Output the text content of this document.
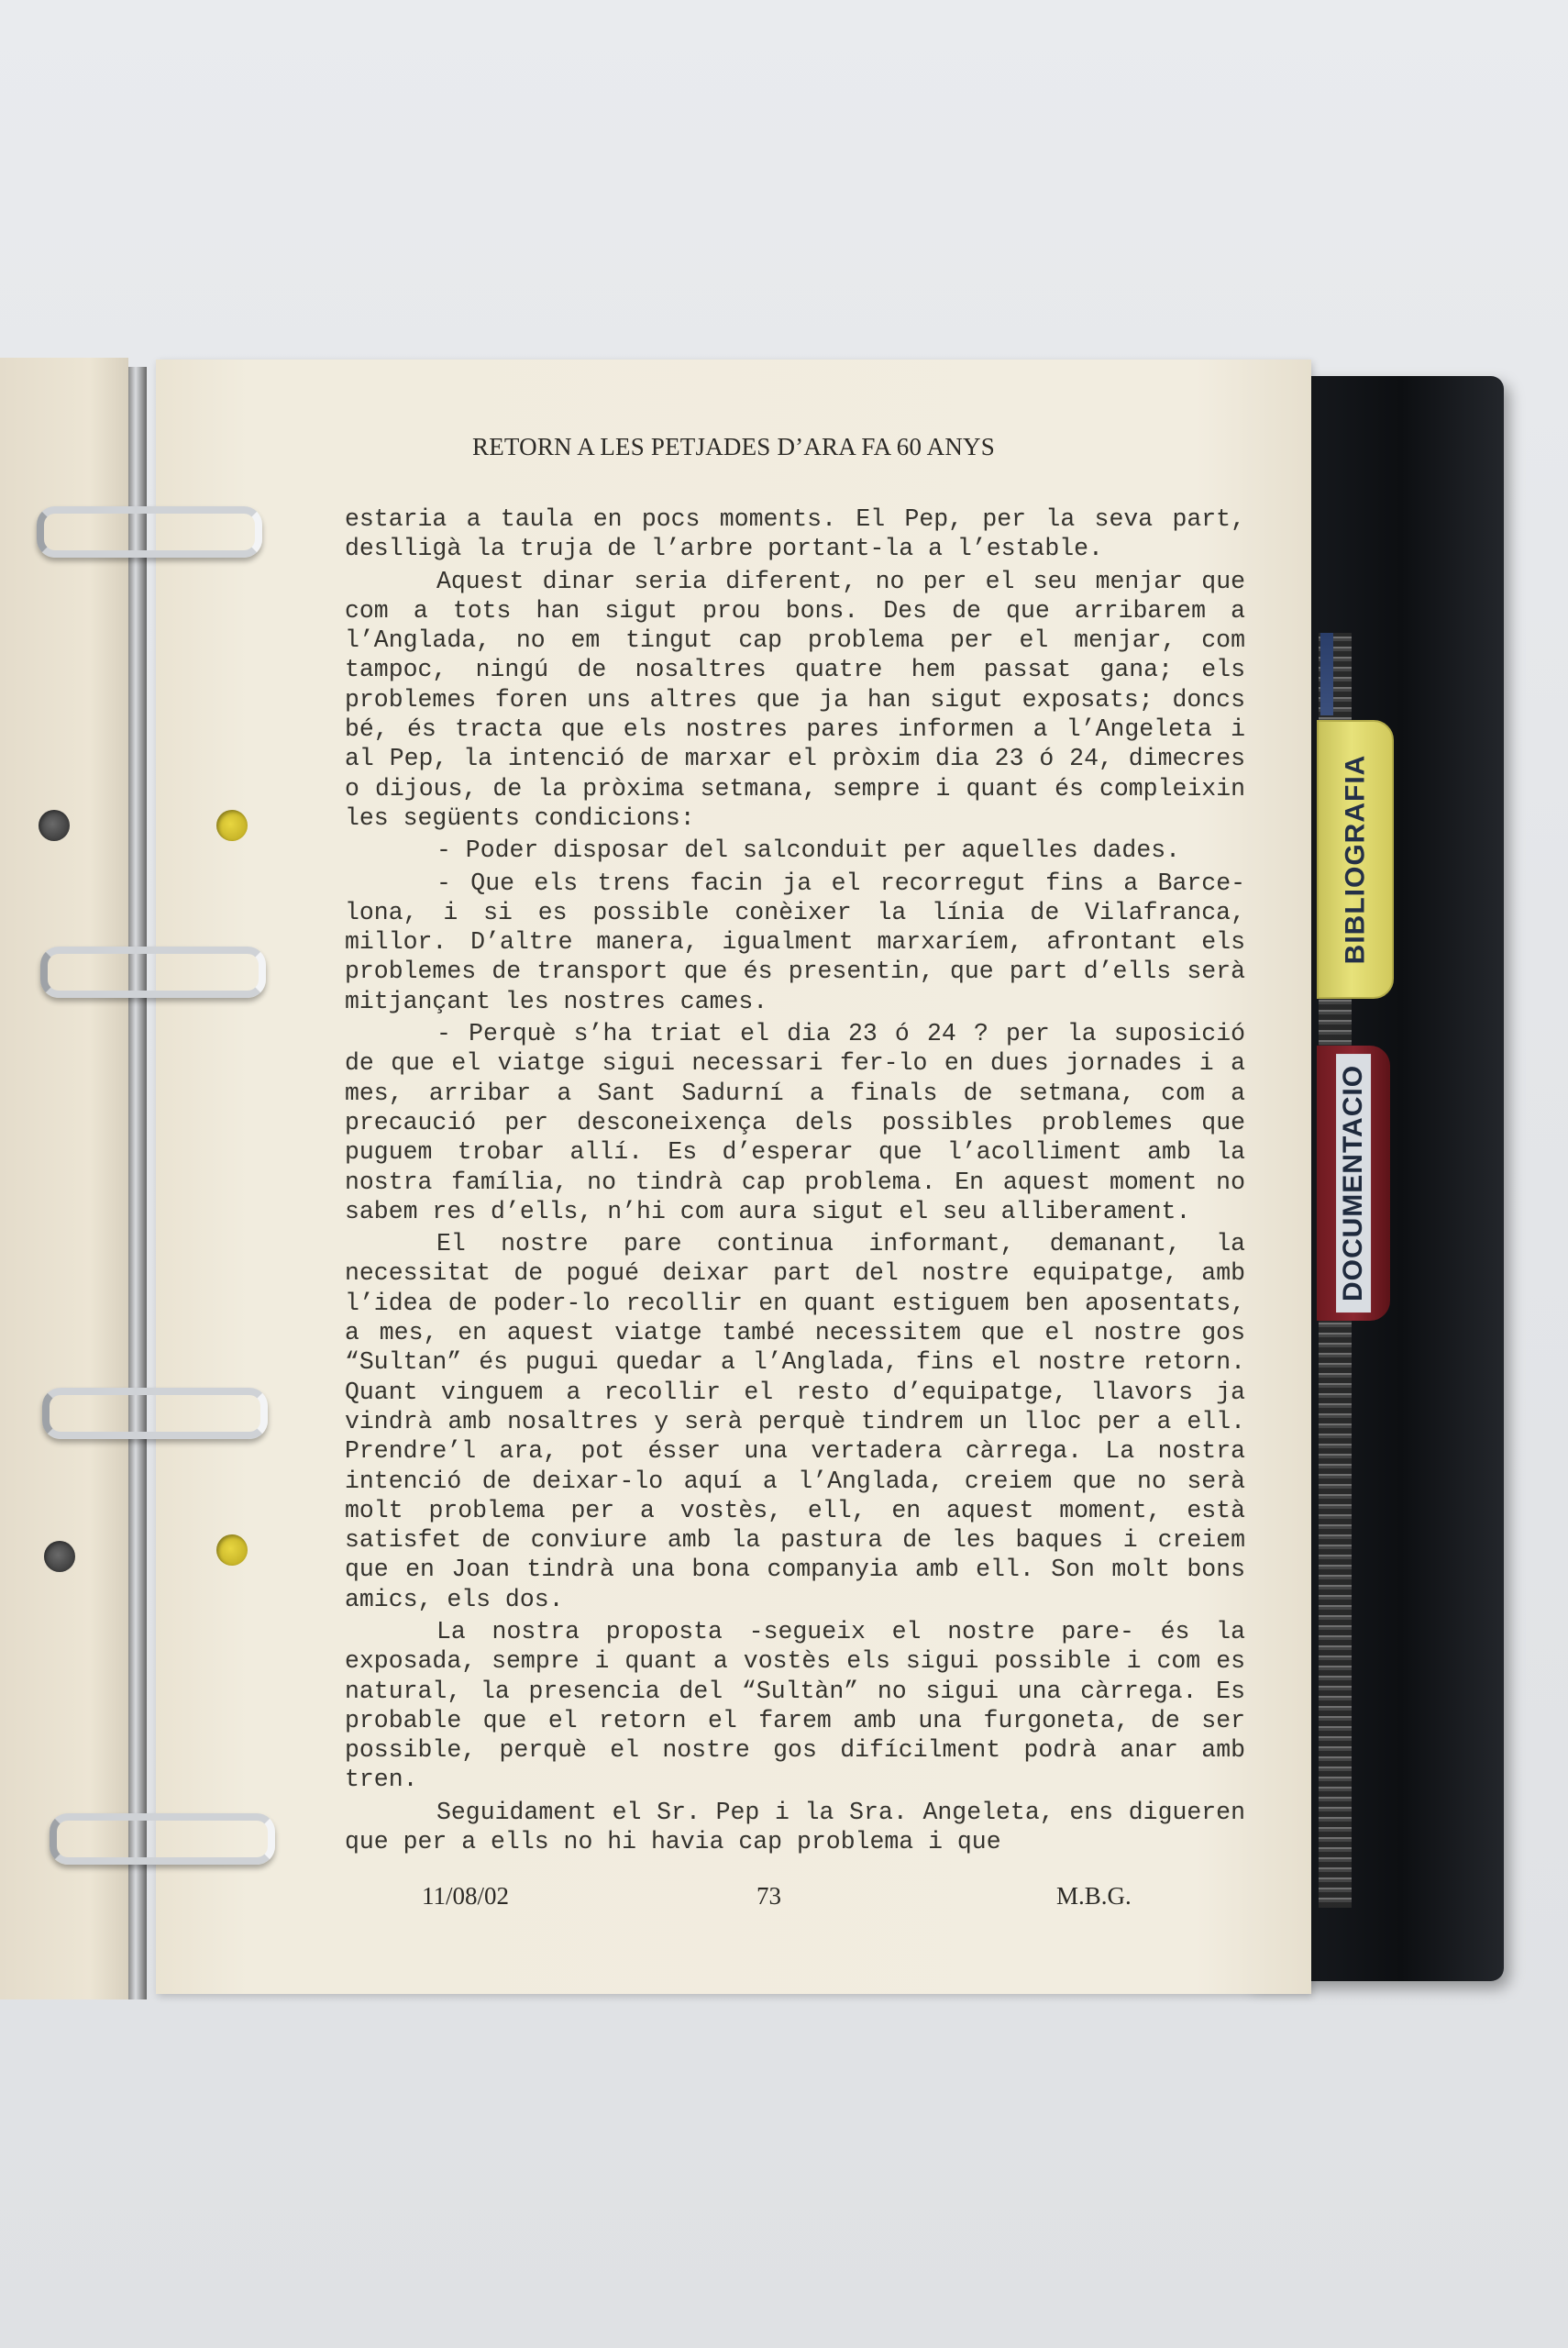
BIBLIOGRAFIA
DOCUMENTACIO
RETORN A LES PETJADES D’ARA FA 60 ANYS

estaria a taula en pocs moments. El Pep, per la seva part, deslligà la truja de l’arbre portant-la a l’estable.

Aquest dinar seria diferent, no per el seu menjar que com a tots han sigut prou bons. Des de que arribarem a l’Anglada, no em tingut cap problema per el menjar, com tampoc, ningú de nosaltres quatre hem passat gana; els problemes foren uns altres que ja han sigut exposats; doncs bé, és tracta que els nostres pares informen a l’Angeleta i al Pep, la intenció de marxar el pròxim dia 23 ó 24, dimecres o dijous, de la pròxima setmana, sempre i quant és compleixin les següents condicions:

- Poder disposar del salconduit per aquelles dades.

- Que els trens facin ja el recorregut fins a Barce- lona, i si es possible conèixer la línia de Vilafranca, millor. D’altre manera, igualment marxaríem, afrontant els problemes de transport que és presentin, que part d’ells serà mitjançant les nostres cames.

- Perquè s’ha triat el dia 23 ó 24 ? per la suposició de que el viatge sigui necessari fer-lo en dues jornades i a mes, arribar a Sant Sadurní a finals de setmana, com a precaució per desconeixença dels possibles problemes que puguem trobar allí. Es d’esperar que l’acolliment amb la nostra família, no tindrà cap problema. En aquest moment no sabem res d’ells, n’hi com aura sigut el seu alliberament.

El nostre pare continua informant, demanant, la necessitat de pogué deixar part del nostre equipatge, amb l’idea de poder-lo recollir en quant estiguem ben aposentats, a mes, en aquest viatge també necessitem que el nostre gos “Sultan” és pugui quedar a l’Anglada, fins el nostre retorn. Quant vinguem a recollir el resto d’equipatge, llavors ja vindrà amb nosaltres y serà perquè tindrem un lloc per a ell. Prendre’l ara, pot ésser una vertadera càrrega. La nostra intenció de deixar-lo aquí a l’Anglada, creiem que no serà molt problema per a vostès, ell, en aquest moment, està satisfet de conviure amb la pastura de les baques i creiem que en Joan tindrà una bona companyia amb ell. Son molt bons amics, els dos.

La nostra proposta -segueix el nostre pare- és la exposada, sempre i quant a vostès els sigui possible i com es natural, la presencia del “Sultàn” no sigui una càrrega. Es probable que el retorn el farem amb una furgoneta, de ser possible, perquè el nostre gos difícilment podrà anar amb tren.

Seguidament el Sr. Pep i la Sra. Angeleta, ens digueren que per a ells no hi havia cap problema i que

11/08/02	73	M.B.G.
